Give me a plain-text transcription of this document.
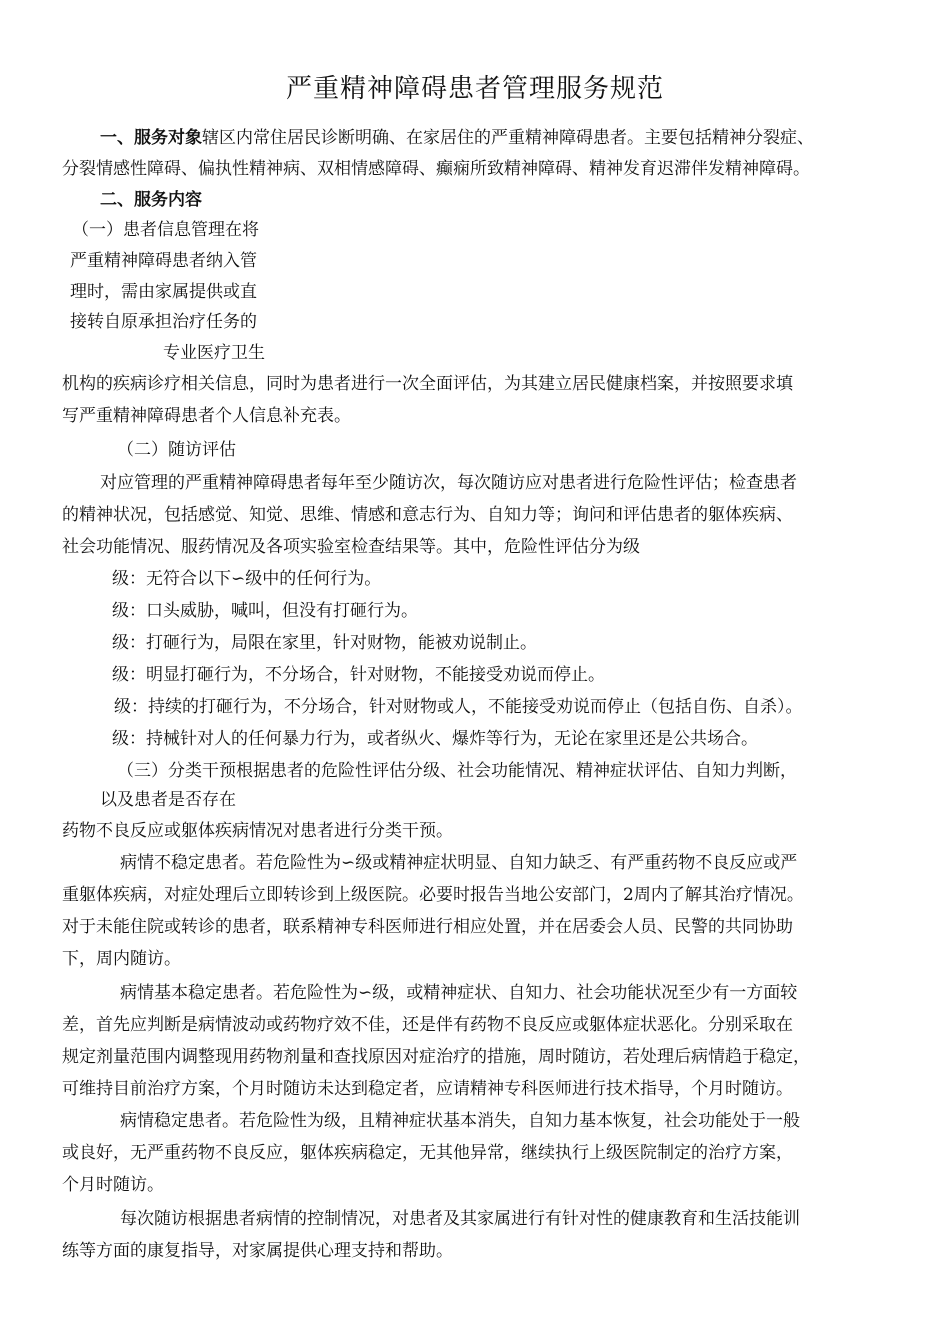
严重精神障碍患者管理服务规范
一、服务对象辖区内常住居民诊断明确、在家居住的严重精神障碍患者。主要包括精神分裂症、
分裂情感性障碍、偏执性精神病、双相情感障碍、癫痫所致精神障碍、精神发育迟滞伴发精神障碍。
二、服务内容
（一）患者信息管理在将
严重精神障碍患者纳入管
理时，需由家属提供或直
接转自原承担治疗任务的
专业医疗卫生
机构的疾病诊疗相关信息，同时为患者进行一次全面评估，为其建立居民健康档案，并按照要求填
写严重精神障碍患者个人信息补充表。
（二）随访评估
对应管理的严重精神障碍患者每年至少随访次，每次随访应对患者进行危险性评估；检查患者
的精神状况，包括感觉、知觉、思维、情感和意志行为、自知力等；询问和评估患者的躯体疾病、
社会功能情况、服药情况及各项实验室检查结果等。其中，危险性评估分为级
级：无符合以下∽级中的任何行为。
级：口头威胁，喊叫，但没有打砸行为。
级：打砸行为，局限在家里，针对财物，能被劝说制止。
级：明显打砸行为，不分场合，针对财物，不能接受劝说而停止。
级：持续的打砸行为，不分场合，针对财物或人，不能接受劝说而停止（包括自伤、自杀）。
级：持械针对人的任何暴力行为，或者纵火、爆炸等行为，无论在家里还是公共场合。
（三）分类干预根据患者的危险性评估分级、社会功能情况、精神症状评估、自知力判断，
以及患者是否存在
药物不良反应或躯体疾病情况对患者进行分类干预。
病情不稳定患者。若危险性为∽级或精神症状明显、自知力缺乏、有严重药物不良反应或严
重躯体疾病，对症处理后立即转诊到上级医院。必要时报告当地公安部门，2周内了解其治疗情况。
对于未能住院或转诊的患者，联系精神专科医师进行相应处置，并在居委会人员、民警的共同协助
下，周内随访。
病情基本稳定患者。若危险性为∽级，或精神症状、自知力、社会功能状况至少有一方面较
差，首先应判断是病情波动或药物疗效不佳，还是伴有药物不良反应或躯体症状恶化。分别采取在
规定剂量范围内调整现用药物剂量和查找原因对症治疗的措施，周时随访，若处理后病情趋于稳定，
可维持目前治疗方案，个月时随访未达到稳定者，应请精神专科医师进行技术指导，个月时随访。
病情稳定患者。若危险性为级，且精神症状基本消失，自知力基本恢复，社会功能处于一般
或良好，无严重药物不良反应，躯体疾病稳定，无其他异常，继续执行上级医院制定的治疗方案，
个月时随访。
每次随访根据患者病情的控制情况，对患者及其家属进行有针对性的健康教育和生活技能训
练等方面的康复指导，对家属提供心理支持和帮助。
